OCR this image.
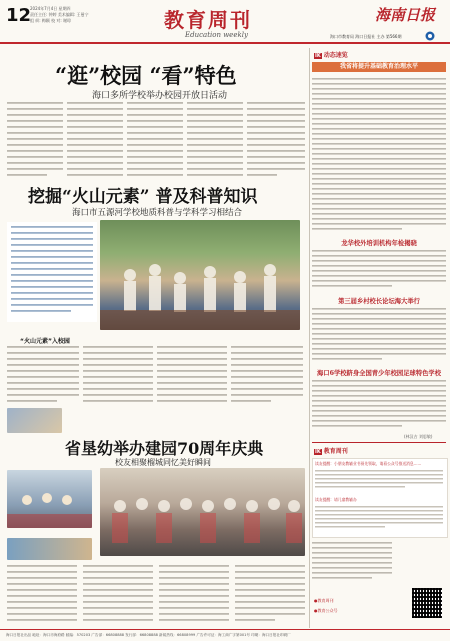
12
2024年7月4日 星期四
责任主任: 钟婷 美术编辑: 王曼宁
组 织: 梅颖 校 对: 谢琼	教育周刊
Education weekly
海南日报
海口市教育局 海口日报社 主办 第566期
“逛”校园 “看”特色
海口多所学校举办校园开放日活动
挖掘“火山元素” 普及科普知识
海口市五源河学校地质科普与学科学习相结合
“火山元素”入校园
省垦幼举办建园70周年庆典
校友相聚榴城同忆美好瞬间
IK 动态速览
我省将提升基础教育治理水平
龙华校外培训机构年检揭晓
第三届乡村校长论坛海大举行
海口6学校跻身全国青少年校园足球特色学校
(林汉吉 刘思敏)
IK 教育周刊
读友提醒：小朋友教辅业书预先领取，请看公众号推送消息……
读友提醒：请儿童教辅办
●教育周刊
●教育公众号
海口日报社出品 地址：海口市海府路 邮编：570203 广告部：66808888 发行部：66808888 新闻热线：66808999 广告许可证：海工商广字第001号 印刷：海口日报社印刷厂
